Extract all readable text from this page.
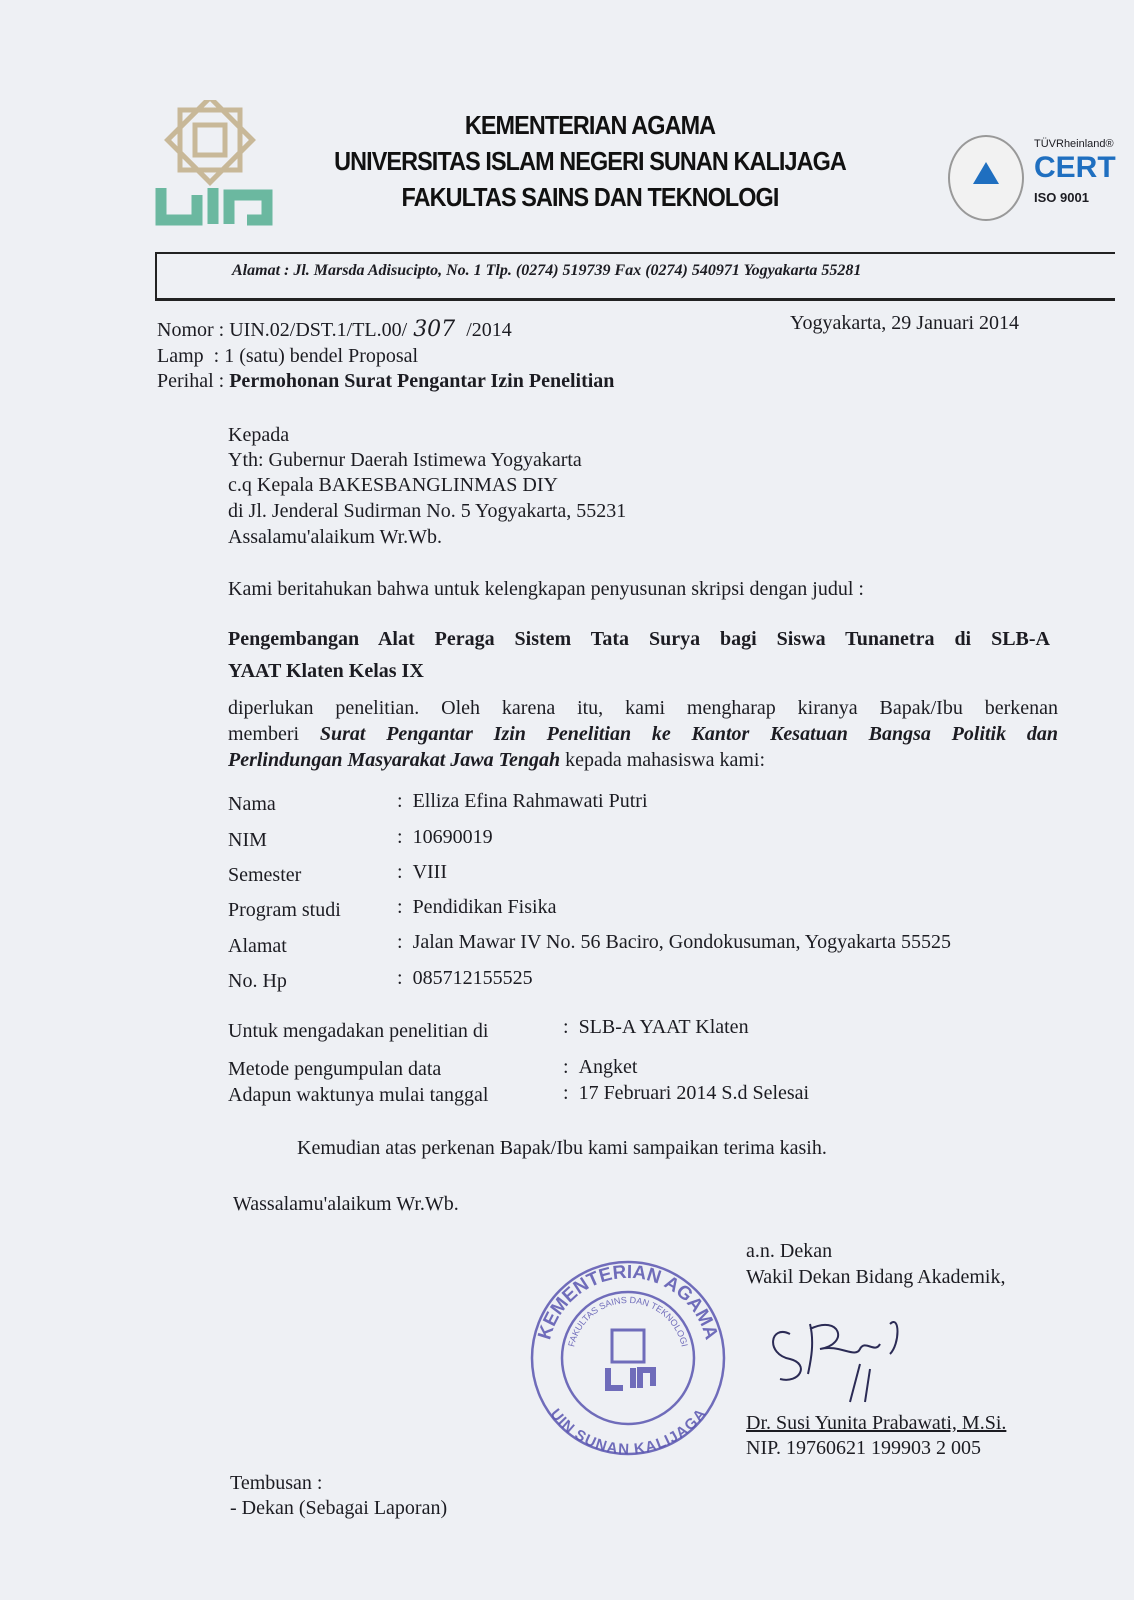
KEMENTERIAN AGAMA
UNIVERSITAS ISLAM NEGERI SUNAN KALIJAGA
FAKULTAS SAINS DAN TEKNOLOGI
TÜVRheinland®
CERT
ISO 9001
Alamat : Jl. Marsda Adisucipto, No. 1 Tlp. (0274) 519739 Fax (0274) 540971 Yogyakarta 55281
Nomor : UIN.02/DST.1/TL.00/ 307 /2014	Yogyakarta, 29 Januari 2014
Lamp : 1 (satu) bendel Proposal
Perihal : Permohonan Surat Pengantar Izin Penelitian
Kepada
Yth: Gubernur Daerah Istimewa Yogyakarta
c.q Kepala BAKESBANGLINMAS DIY
di Jl. Jenderal Sudirman No. 5 Yogyakarta, 55231
Assalamu'alaikum Wr.Wb.
Kami beritahukan bahwa untuk kelengkapan penyusunan skripsi dengan judul :
Pengembangan Alat Peraga Sistem Tata Surya bagi Siswa Tunanetra di SLB-A
YAAT Klaten Kelas IX
diperlukan penelitian. Oleh karena itu, kami mengharap kiranya Bapak/Ibu berkenan
memberi Surat Pengantar Izin Penelitian ke Kantor Kesatuan Bangsa Politik dan
Perlindungan Masyarakat Jawa Tengah kepada mahasiswa kami:
Nama	:  Elliza Efina Rahmawati Putri
NIM	:  10690019
Semester	:  VIII
Program studi	:  Pendidikan Fisika
Alamat	:  Jalan Mawar IV No. 56 Baciro, Gondokusuman, Yogyakarta 55525
No. Hp	:  085712155525
Untuk mengadakan penelitian di	:  SLB-A YAAT Klaten
Metode pengumpulan data	:  Angket
Adapun waktunya mulai tanggal	:  17 Februari 2014 S.d Selesai
Kemudian atas perkenan Bapak/Ibu kami sampaikan terima kasih.
Wassalamu'alaikum Wr.Wb.
KEMENTERIAN AGAMA
FAKULTAS SAINS DAN TEKNOLOGI
UIN SUNAN KALIJAGA
a.n. Dekan
Wakil Dekan Bidang Akademik,
Dr. Susi Yunita Prabawati, M.Si.
NIP. 19760621 199903 2 005
Tembusan :
- Dekan (Sebagai Laporan)
